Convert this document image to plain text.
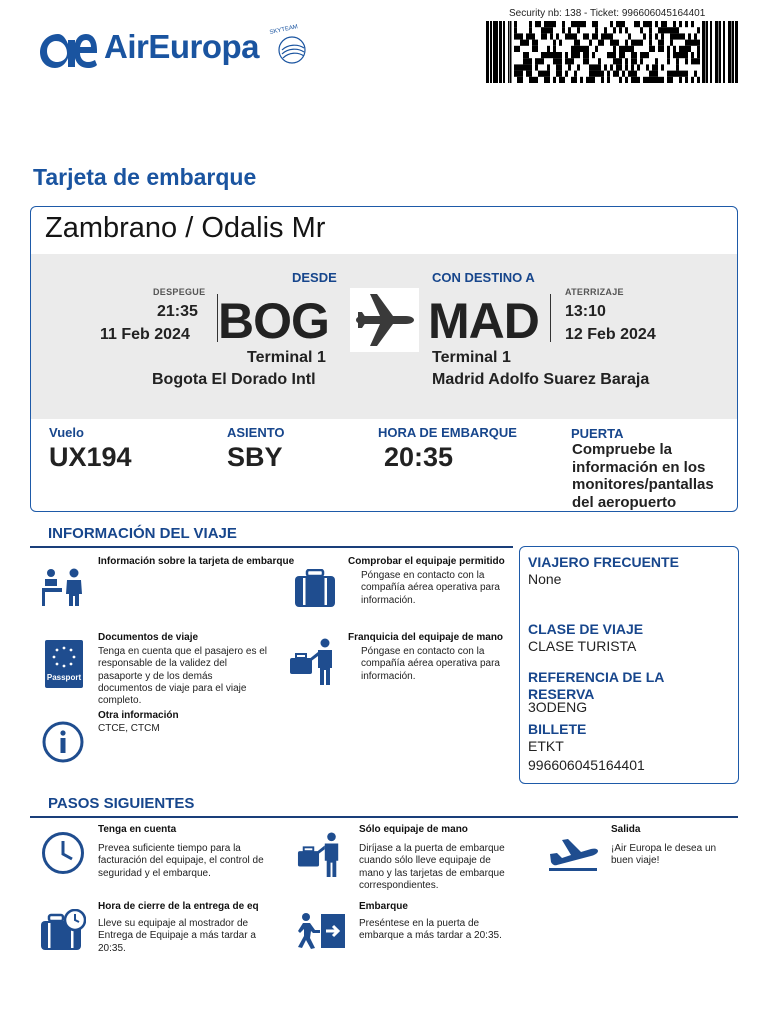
AirEuropa SKYTEAM
Security nb: 138 - Ticket: 996606045164401
Tarjeta de embarque
Zambrano / Odalis Mr
DESDE	CON DESTINO A
DESPEGUE	ATERRIZAJE
21:35
11 Feb 2024
13:10
12 Feb 2024
BOG MAD
Terminal 1	Terminal 1
Bogota El Dorado Intl	Madrid Adolfo Suarez Baraja
Vuelo
UX194
ASIENTO
SBY
HORA DE EMBARQUE
20:35
PUERTA
Compruebe la información en los monitores/pantallas del aeropuerto
INFORMACIÓN DEL VIAJE
Información sobre la tarjeta de embarque	Comprobar el equipaje permitido
Póngase en contacto con la compañía aérea operativa para información.
Passport
Documentos de viaje
Tenga en cuenta que el pasajero es el responsable de la validez del pasaporte y de los demás documentos de viaje para el viaje completo.
Franquicia del equipaje de mano
Póngase en contacto con la compañía aérea operativa para información.
Otra información
CTCE, CTCM
VIAJERO FRECUENTE
None
CLASE DE VIAJE
CLASE TURISTA
REFERENCIA DE LA RESERVA
3ODENG
BILLETE
ETKT
996606045164401
PASOS SIGUIENTES
Tenga en cuenta
Prevea suficiente tiempo para la facturación del equipaje, el control de seguridad y el embarque.
Sólo equipaje de mano
Diríjase a la puerta de embarque cuando sólo lleve equipaje de mano y las tarjetas de embarque correspondientes.
Salida
¡Air Europa le desea un buen viaje!
Hora de cierre de la entrega de eq
Lleve su equipaje al mostrador de Entrega de Equipaje a más tardar a 20:35.
Embarque
Preséntese en la puerta de embarque a más tardar a 20:35.
